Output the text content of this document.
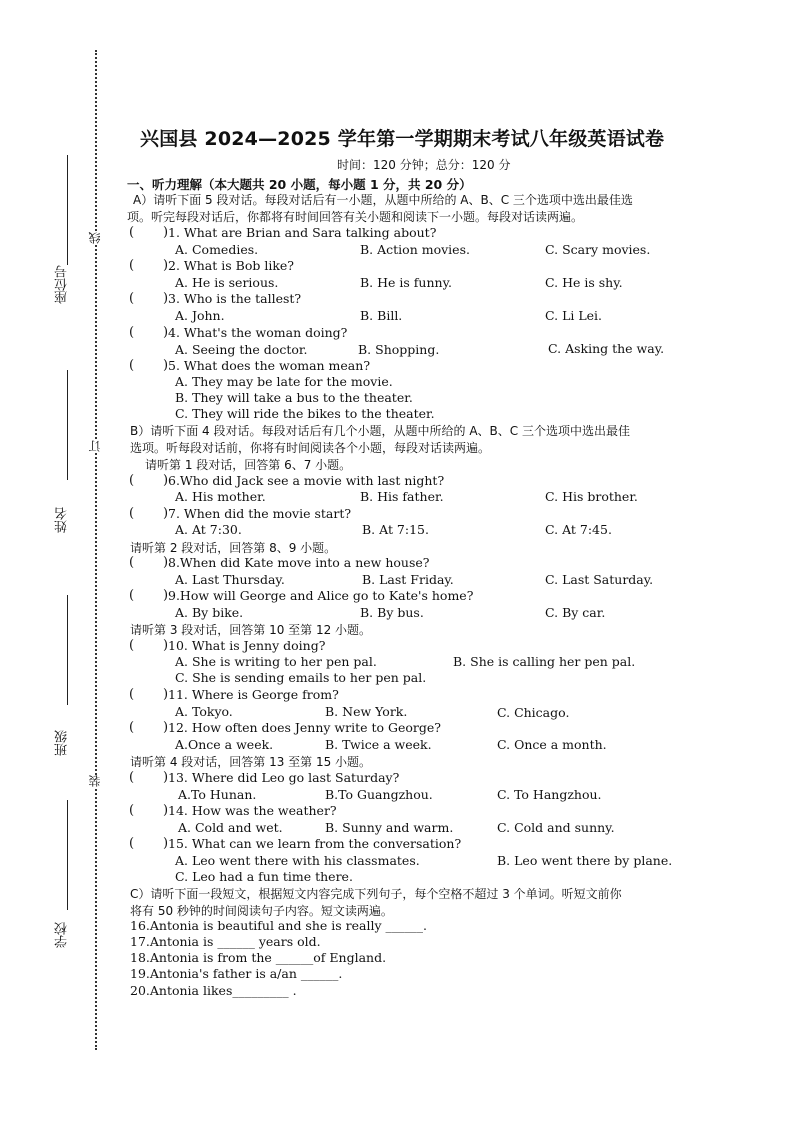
座位号
姓名
班级
学校
线
订
装
兴国县 2024—2025 学年第一学期期末考试八年级英语试卷
时间：120 分钟；总分：120 分
一、听力理解（本大题共 20 小题，每小题 1 分，共 20 分）
A）请听下面 5 段对话。每段对话后有一小题，从题中所给的 A、B、C 三个选项中选出最佳选
项。听完每段对话后，你都将有时间回答有关小题和阅读下一小题。每段对话读两遍。
( ) 1. What are Brian and Sara talking about?
A. Comedies.	B. Action movies.	C. Scary movies.
( ) 2. What is Bob like?
A. He is serious.	B. He is funny.	C. He is shy.
( ) 3. Who is the tallest?
A. John.	B. Bill.	C. Li Lei.
( ) 4. What's the woman doing?
A. Seeing the doctor.	B. Shopping.	C. Asking the way.
( ) 5. What does the woman mean?
A. They may be late for the movie.
B. They will take a bus to the theater.
C. They will ride the bikes to the theater.
B）请听下面 4 段对话。每段对话后有几个小题，从题中所给的 A、B、C 三个选项中选出最佳
选项。听每段对话前，你将有时间阅读各个小题，每段对话读两遍。
请听第 1 段对话，回答第 6、7 小题。
( ) 6.Who did Jack see a movie with last night?
A. His mother.	B. His father.	C. His brother.
( ) 7. When did the movie start?
A. At 7:30.	B. At 7:15.	C. At 7:45.
请听第 2 段对话，回答第 8、9 小题。
( ) 8.When did Kate move into a new house?
A. Last Thursday.	B. Last Friday.	C. Last Saturday.
( ) 9.How will George and Alice go to Kate's home?
A. By bike.	B. By bus.	C. By car.
请听第 3 段对话，回答第 10 至第 12 小题。
( ) 10. What is Jenny doing?
A. She is writing to her pen pal.	B. She is calling her pen pal.
C. She is sending emails to her pen pal.
( ) 11. Where is George from?
A. Tokyo.	B. New York.	C. Chicago.
( ) 12. How often does Jenny write to George?
A.Once a week.	B. Twice a week.	C. Once a month.
请听第 4 段对话，回答第 13 至第 15 小题。
( ) 13. Where did Leo go last Saturday?
A.To Hunan.	B.To Guangzhou.	C. To Hangzhou.
( ) 14. How was the weather?
A. Cold and wet.	B. Sunny and warm.	C. Cold and sunny.
( ) 15. What can we learn from the conversation?
A. Leo went there with his classmates.	B. Leo went there by plane.
C. Leo had a fun time there.
C）请听下面一段短文，根据短文内容完成下列句子，每个空格不超过 3 个单词。听短文前你
将有 50 秒钟的时间阅读句子内容。短文读两遍。
16.Antonia is beautiful and she is really ______.
17.Antonia is ______ years old.
18.Antonia is from the ______of England.
19.Antonia's father is a/an ______.
20.Antonia likes_________ .
